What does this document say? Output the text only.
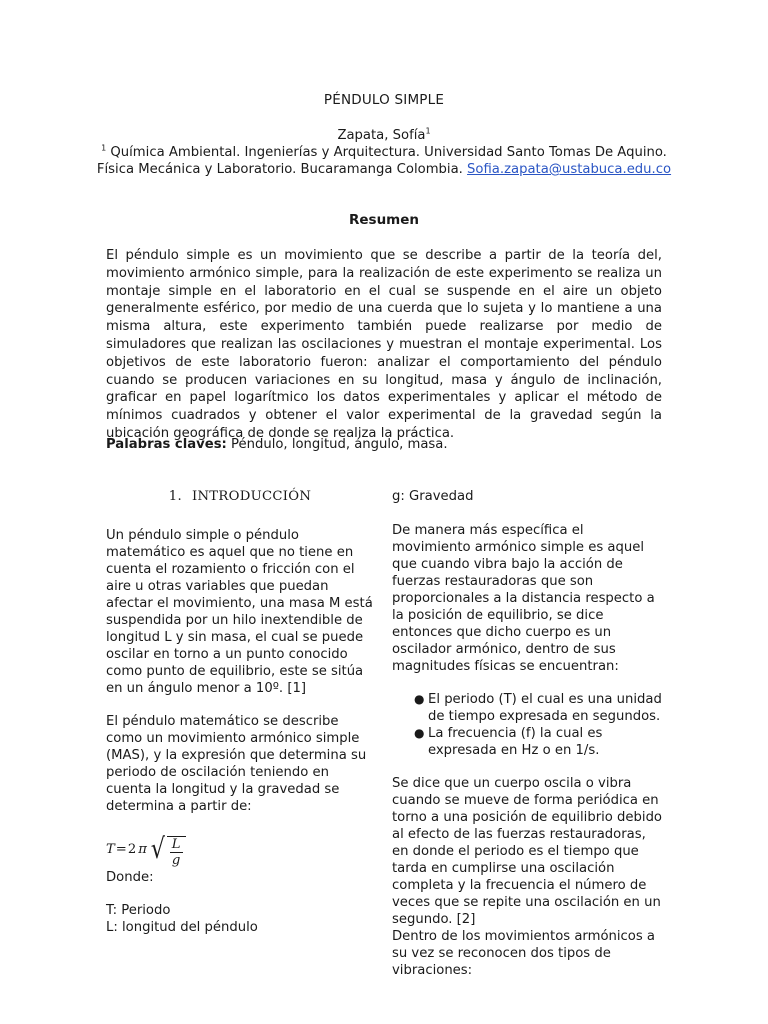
PÉNDULO SIMPLE
Zapata, Sofía$^1$
$^1$ Química Ambiental. Ingenierías y Arquitectura. Universidad Santo Tomas De Aquino.
Física Mecánica y Laboratorio. Bucaramanga Colombia. Sofia.zapata@ustabuca.edu.co
Resumen

El péndulo simple es un movimiento que se describe a partir de la teoría del, movimiento armónico simple, para la realización de este experimento se realiza un montaje simple en el laboratorio en el cual se suspende en el aire un objeto generalmente esférico, por medio de una cuerda que lo sujeta y lo mantiene a una misma altura, este experimento también puede realizarse por medio de simuladores que realizan las oscilaciones y muestran el montaje experimental. Los objetivos de este laboratorio fueron: analizar el comportamiento del péndulo cuando se producen variaciones en su longitud, masa y ángulo de inclinación, graficar en papel logarítmico los datos experimentales y aplicar el método de mínimos cuadrados y obtener el valor experimental de la gravedad según la ubicación geográfica de donde se realiza la práctica.

Palabras claves: Péndulo, longitud, ángulo, masa.

1. INTRODUCCIÓN

Un péndulo simple o péndulo matemático es aquel que no tiene en cuenta el rozamiento o fricción con el aire u otras variables que puedan afectar el movimiento, una masa M está suspendida por un hilo inextendible de longitud L y sin masa, el cual se puede oscilar en torno a un punto conocido como punto de equilibrio, este se sitúa en un ángulo menor a 10º. [1]

El péndulo matemático se describe como un movimiento armónico simple (MAS), y la expresión que determina su periodo de oscilación teniendo en cuenta la longitud y la gravedad se determina a partir de:

T = 2 π √ $\frac{L}{g}$

Donde:

T: Periodo

L: longitud del péndulo

g: Gravedad

De manera más específica el movimiento armónico simple es aquel que cuando vibra bajo la acción de fuerzas restauradoras que son proporcionales a la distancia respecto a la posición de equilibrio, se dice entonces que dicho cuerpo es un oscilador armónico, dentro de sus magnitudes físicas se encuentran:

● El periodo (T) el cual es una unidad de tiempo expresada en segundos.
● La frecuencia (f) la cual es expresada en Hz o en 1/s.

Se dice que un cuerpo oscila o vibra cuando se mueve de forma periódica en torno a una posición de equilibrio debido al efecto de las fuerzas restauradoras, en donde el periodo es el tiempo que tarda en cumplirse una oscilación completa y la frecuencia el número de veces que se repite una oscilación en un segundo. [2]

Dentro de los movimientos armónicos a su vez se reconocen dos tipos de vibraciones:
